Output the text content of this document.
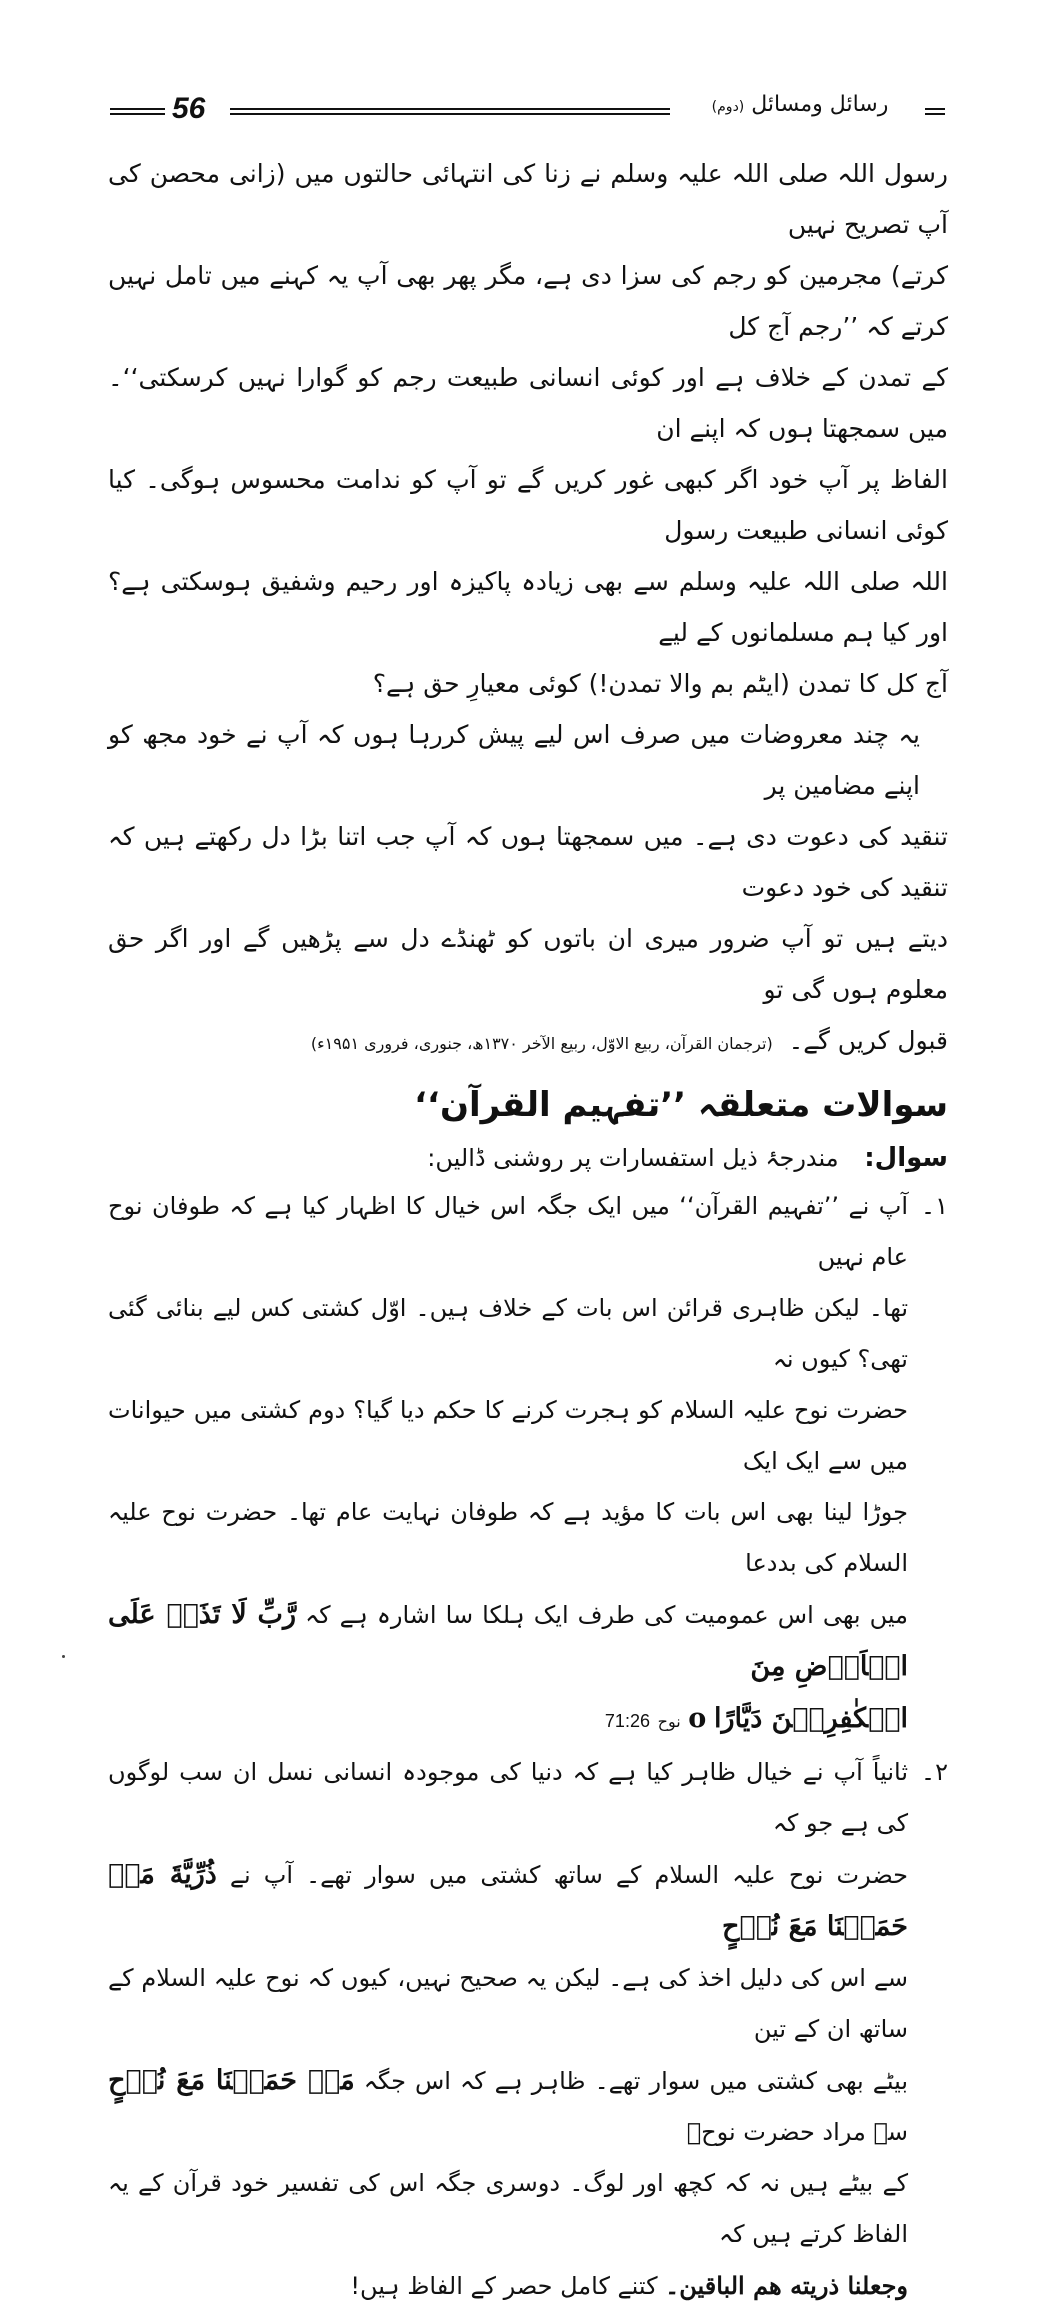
56	رسائل ومسائل (دوم)

رسول اللہ صلی اللہ علیہ وسلم نے زنا کی انتہائی حالتوں میں (زانی محصن کی آپ تصریح نہیں

کرتے) مجرمین کو رجم کی سزا دی ہے، مگر پھر بھی آپ یہ کہنے میں تامل نہیں کرتے کہ ’’رجم آج کل

کے تمدن کے خلاف ہے اور کوئی انسانی طبیعت رجم کو گوارا نہیں کرسکتی‘‘۔ میں سمجھتا ہوں کہ اپنے ان

الفاظ پر آپ خود اگر کبھی غور کریں گے تو آپ کو ندامت محسوس ہوگی۔ کیا کوئی انسانی طبیعت رسول

اللہ صلی اللہ علیہ وسلم سے بھی زیادہ پاکیزہ اور رحیم وشفیق ہوسکتی ہے؟ اور کیا ہم مسلمانوں کے لیے

آج کل کا تمدن (ایٹم بم والا تمدن!) کوئی معیارِ حق ہے؟

یہ چند معروضات میں صرف اس لیے پیش کررہا ہوں کہ آپ نے خود مجھ کو اپنے مضامین پر

تنقید کی دعوت دی ہے۔ میں سمجھتا ہوں کہ آپ جب اتنا بڑا دل رکھتے ہیں کہ تنقید کی خود دعوت

دیتے ہیں تو آپ ضرور میری ان باتوں کو ٹھنڈے دل سے پڑھیں گے اور اگر حق معلوم ہوں گی تو

قبول کریں گے۔ (ترجمان القرآن، ربیع الاوّل، ربیع الآخر ۱۳۷۰ھ، جنوری، فروری ۱۹۵۱ء)

سوالات متعلقہ ’’تفہیم القرآن‘‘
سوال: مندرجۂ ذیل استفسارات پر روشنی ڈالیں:
۱۔

آپ نے ’’تفہیم القرآن‘‘ میں ایک جگہ اس خیال کا اظہار کیا ہے کہ طوفان نوح عام نہیں

تھا۔ لیکن ظاہری قرائن اس بات کے خلاف ہیں۔ اوّل کشتی کس لیے بنائی گئی تھی؟ کیوں نہ

حضرت نوح علیہ السلام کو ہجرت کرنے کا حکم دیا گیا؟ دوم کشتی میں حیوانات میں سے ایک ایک

جوڑا لینا بھی اس بات کا مؤید ہے کہ طوفان نہایت عام تھا۔ حضرت نوح علیہ السلام کی بددعا

میں بھی اس عمومیت کی طرف ایک ہلکا سا اشارہ ہے کہ رَّبِّ لَا تَذَرۡ عَلَى الۡاَرۡضِ مِنَ

الۡكٰفِرِيۡنَ دَيَّارًا o نوح 71:26

۲۔

ثانیاً آپ نے خیال ظاہر کیا ہے کہ دنیا کی موجودہ انسانی نسل ان سب لوگوں کی ہے جو کہ

حضرت نوح علیہ السلام کے ساتھ کشتی میں سوار تھے۔ آپ نے ذُرِّيَّةَ مَنۡ حَمَلۡنَا مَعَ نُوۡحٍ

سے اس کی دلیل اخذ کی ہے۔ لیکن یہ صحیح نہیں، کیوں کہ نوح علیہ السلام کے ساتھ ان کے تین

بیٹے بھی کشتی میں سوار تھے۔ ظاہر ہے کہ اس جگہ مَنۡ حَمَلۡنَا مَعَ نُوۡحٍ سے مراد حضرت نوحؑ

کے بیٹے ہیں نہ کہ کچھ اور لوگ۔ دوسری جگہ اس کی تفسیر خود قرآن کے یہ الفاظ کرتے ہیں کہ

وجعلنا ذریته هم الباقین۔ کتنے کامل حصر کے الفاظ ہیں!
